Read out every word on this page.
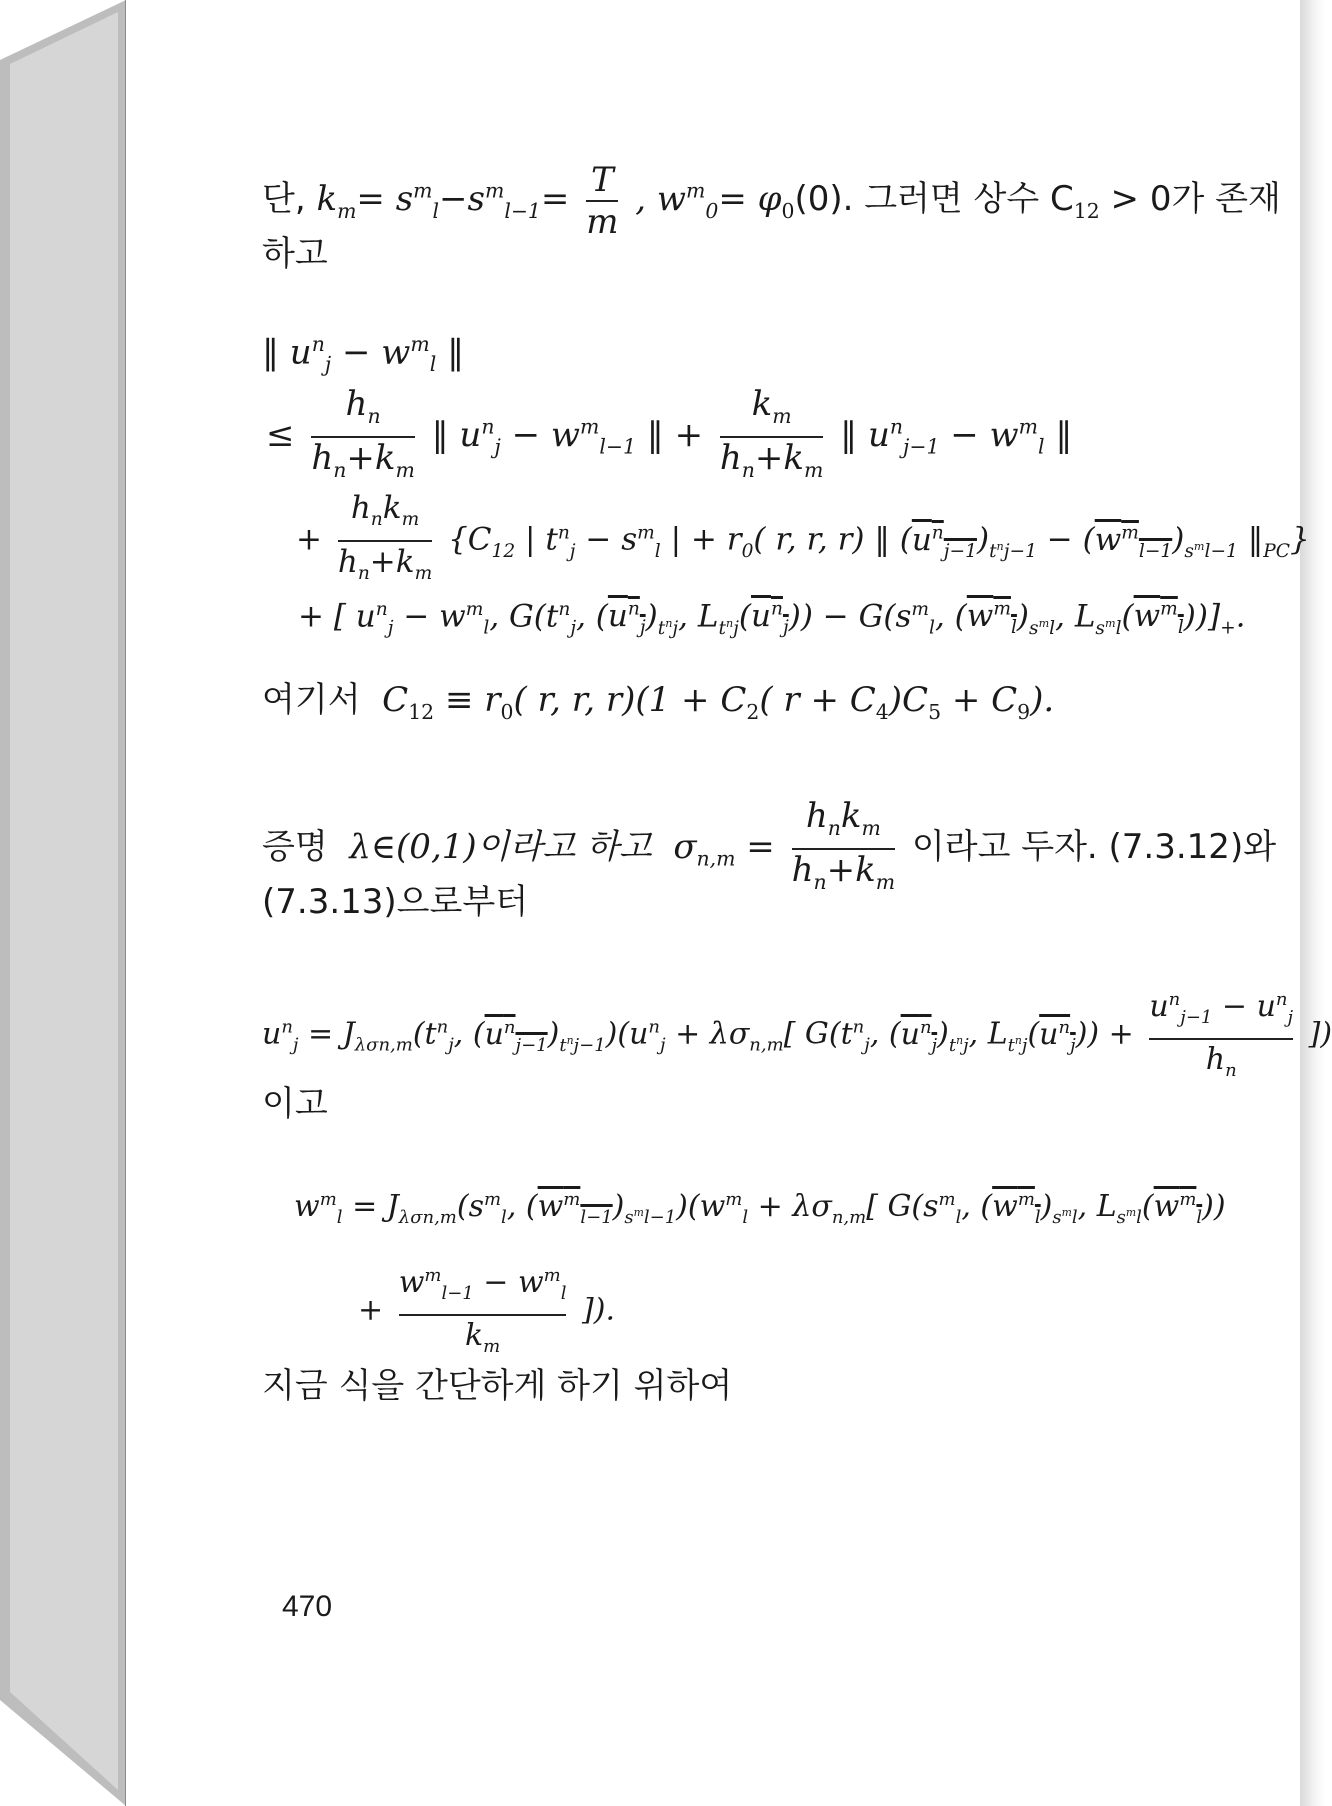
단, $k_m= s^m_l-s^m_{l-1}= \frac{T}{m}$ , $w^m_0= \varphi_0(0)$. 그러면 상수 $C_{12} > 0$가 존재
하고
‖ $u^n_j - w^m_l$ ‖
≤ $\frac{h_n}{h_n+k_m}$ ‖ $u^n_j - w^m_{l-1}$ ‖ + $\frac{k_m}{h_n+k_m}$ ‖ $u^n_{j-1} - w^m_l$ ‖
+ $\frac{h_nk_m}{h_n+k_m} \{C_{12}$ | $t^n_j - s^m_l$ | + $r_0$( r, r, r) ‖ $(u^n_{j-1})_{t^nj-1} - (w^m_{l-1})_{s^ml-1}$ $‖_{PC}$}
+ [ $u^n_j - w^m_l$, $G(t^n_j$, $(u^n_j)_{t^nj}$, $L_{t^nj}(u^n_j)) - G(s^m_l$, $(w^m_l)_{s^ml}$, $L_{s^ml}(w^m_l))]_+$.
여기서 $C_{12} \equiv r_0$( r, r, $r)(1 + C_2$( $r + C_4)C_5 + C_9$).
증명 λ∈(0,1)이라고 하고 $\sigma_{n,m} = \frac{h_nk_m}{h_n+k_m}$ 이라고 두자. (7.3.12)와
(7.3.13)으로부터
$u^n_j = J_{\lambda\sigma n,m}(t^n_j$, $(u^n_{j-1})_{t^nj-1})(u^n_j + \lambda\sigma_{n,m}$[ $G(t^n_j$, $(u^n_j)_{t^nj}$, $L_{t^nj}(u^n_j)) + \frac{u^n_{j-1} - u^n_j}{h_n}$ ])
이고
$w^m_l = J_{\lambda\sigma n,m}(s^m_l$, $(w^m_{l-1})_{s^ml-1})(w^m_l + \lambda\sigma_{n,m}$[ $G(s^m_l$, $(w^m_l)_{s^ml}$, $L_{s^ml}(w^m_l)$)
+ $\frac{w^m_{l-1} - w^m_l}{k_m}$ ]).
지금 식을 간단하게 하기 위하여
470
